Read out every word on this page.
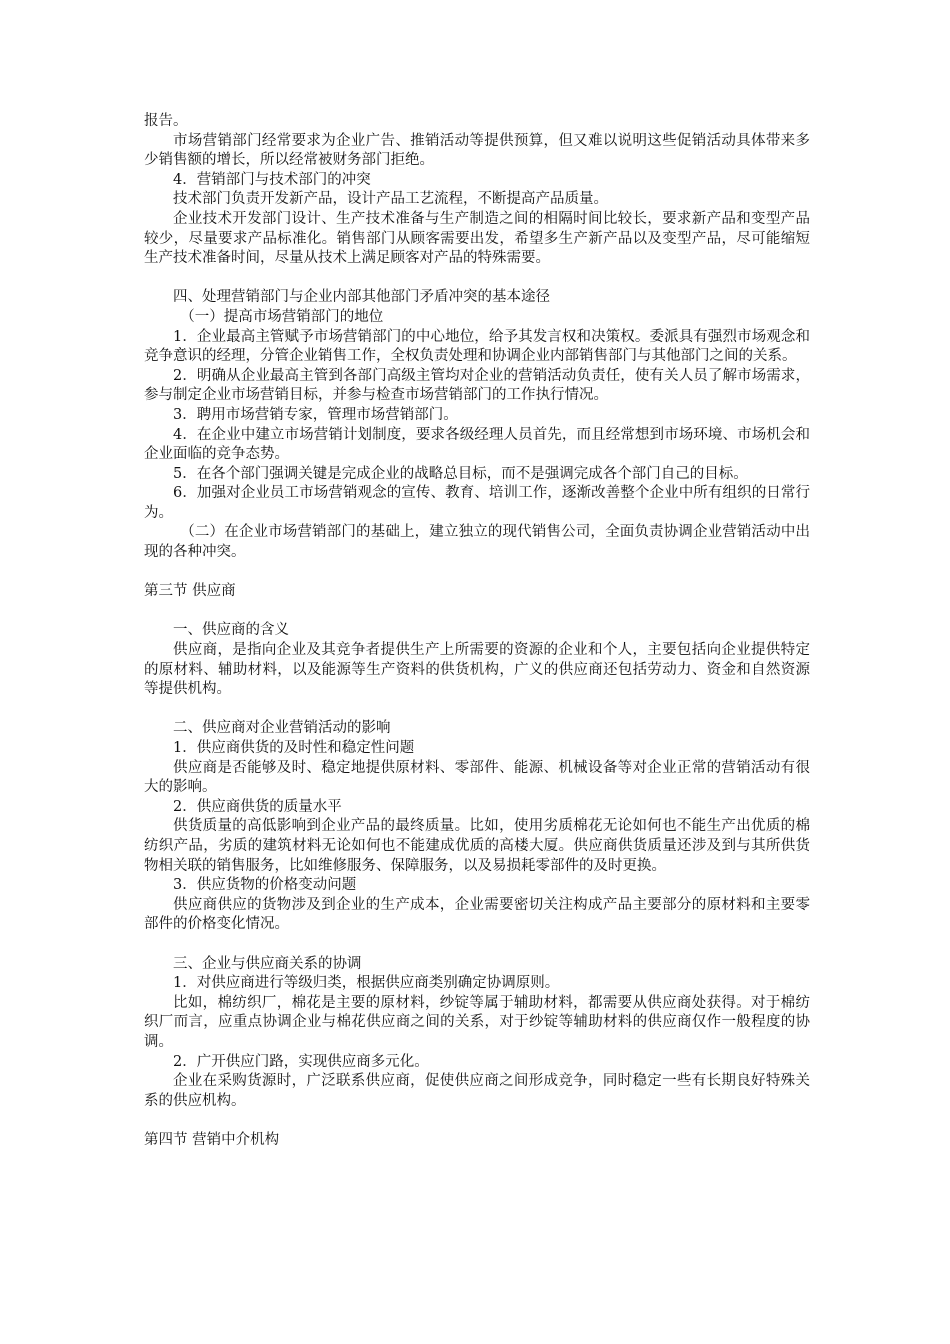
报告。

市场营销部门经常要求为企业广告、推销活动等提供预算，但又难以说明这些促销活动具体带来多少销售额的增长，所以经常被财务部门拒绝。

4．营销部门与技术部门的冲突

技术部门负责开发新产品，设计产品工艺流程，不断提高产品质量。

企业技术开发部门设计、生产技术准备与生产制造之间的相隔时间比较长，要求新产品和变型产品较少，尽量要求产品标准化。销售部门从顾客需要出发，希望多生产新产品以及变型产品，尽可能缩短生产技术准备时间，尽量从技术上满足顾客对产品的特殊需要。

四、处理营销部门与企业内部其他部门矛盾冲突的基本途径

（一）提高市场营销部门的地位

1．企业最高主管赋予市场营销部门的中心地位，给予其发言权和决策权。委派具有强烈市场观念和竞争意识的经理，分管企业销售工作，全权负责处理和协调企业内部销售部门与其他部门之间的关系。

2．明确从企业最高主管到各部门高级主管均对企业的营销活动负责任，使有关人员了解市场需求，参与制定企业市场营销目标，并参与检查市场营销部门的工作执行情况。

3．聘用市场营销专家，管理市场营销部门。

4．在企业中建立市场营销计划制度，要求各级经理人员首先，而且经常想到市场环境、市场机会和企业面临的竞争态势。

5．在各个部门强调关键是完成企业的战略总目标，而不是强调完成各个部门自己的目标。

6．加强对企业员工市场营销观念的宣传、教育、培训工作，逐渐改善整个企业中所有组织的日常行为。

（二）在企业市场营销部门的基础上，建立独立的现代销售公司，全面负责协调企业营销活动中出现的各种冲突。

第三节 供应商

一、供应商的含义

供应商，是指向企业及其竞争者提供生产上所需要的资源的企业和个人，主要包括向企业提供特定的原材料、辅助材料，以及能源等生产资料的供货机构，广义的供应商还包括劳动力、资金和自然资源等提供机构。

二、供应商对企业营销活动的影响

1．供应商供货的及时性和稳定性问题

供应商是否能够及时、稳定地提供原材料、零部件、能源、机械设备等对企业正常的营销活动有很大的影响。

2．供应商供货的质量水平

供货质量的高低影响到企业产品的最终质量。比如，使用劣质棉花无论如何也不能生产出优质的棉纺织产品，劣质的建筑材料无论如何也不能建成优质的高楼大厦。供应商供货质量还涉及到与其所供货物相关联的销售服务，比如维修服务、保障服务，以及易损耗零部件的及时更换。

3．供应货物的价格变动问题

供应商供应的货物涉及到企业的生产成本，企业需要密切关注构成产品主要部分的原材料和主要零部件的价格变化情况。

三、企业与供应商关系的协调

1．对供应商进行等级归类，根据供应商类别确定协调原则。

比如，棉纺织厂，棉花是主要的原材料，纱锭等属于辅助材料，都需要从供应商处获得。对于棉纺织厂而言，应重点协调企业与棉花供应商之间的关系，对于纱锭等辅助材料的供应商仅作一般程度的协调。

2．广开供应门路，实现供应商多元化。

企业在采购货源时，广泛联系供应商，促使供应商之间形成竞争，同时稳定一些有长期良好特殊关系的供应机构。

第四节 营销中介机构
